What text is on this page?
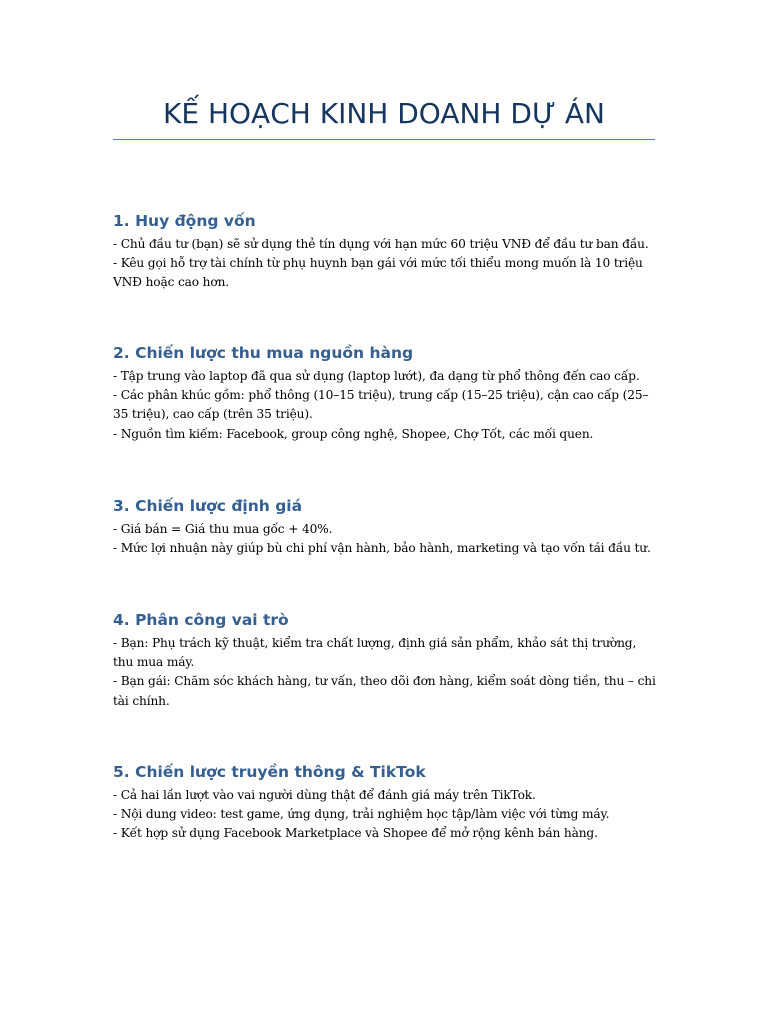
KẾ HOẠCH KINH DOANH DỰ ÁN
1. Huy động vốn

- Chủ đầu tư (bạn) sẽ sử dụng thẻ tín dụng với hạn mức 60 triệu VNĐ để đầu tư ban đầu.

- Kêu gọi hỗ trợ tài chính từ phụ huynh bạn gái với mức tối thiểu mong muốn là 10 triệu VNĐ hoặc cao hơn.

2. Chiến lược thu mua nguồn hàng

- Tập trung vào laptop đã qua sử dụng (laptop lướt), đa dạng từ phổ thông đến cao cấp.

- Các phân khúc gồm: phổ thông (10–15 triệu), trung cấp (15–25 triệu), cận cao cấp (25–35 triệu), cao cấp (trên 35 triệu).

- Nguồn tìm kiếm: Facebook, group công nghệ, Shopee, Chợ Tốt, các mối quen.

3. Chiến lược định giá

- Giá bán = Giá thu mua gốc + 40%.

- Mức lợi nhuận này giúp bù chi phí vận hành, bảo hành, marketing và tạo vốn tái đầu tư.

4. Phân công vai trò

- Bạn: Phụ trách kỹ thuật, kiểm tra chất lượng, định giá sản phẩm, khảo sát thị trường, thu mua máy.

- Bạn gái: Chăm sóc khách hàng, tư vấn, theo dõi đơn hàng, kiểm soát dòng tiền, thu – chi tài chính.

5. Chiến lược truyền thông & TikTok

- Cả hai lần lượt vào vai người dùng thật để đánh giá máy trên TikTok.

- Nội dung video: test game, ứng dụng, trải nghiệm học tập/làm việc với từng máy.

- Kết hợp sử dụng Facebook Marketplace và Shopee để mở rộng kênh bán hàng.
